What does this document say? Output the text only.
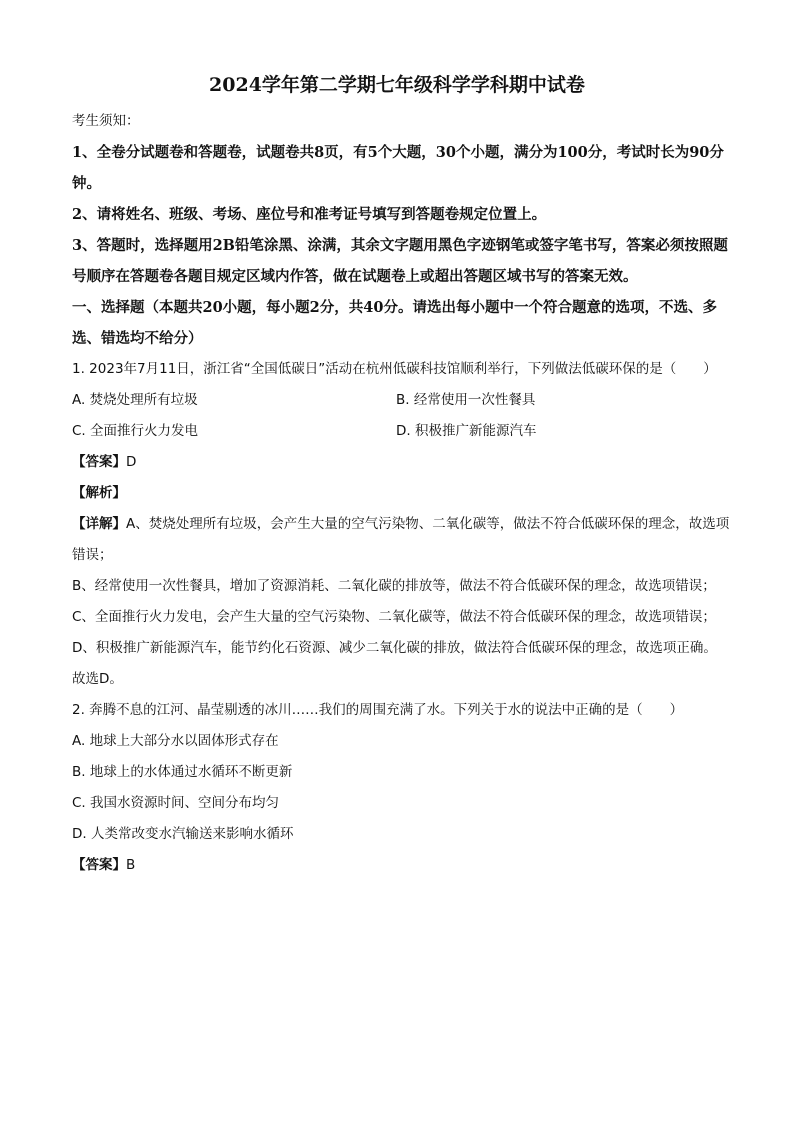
2024学年第二学期七年级科学学科期中试卷

考生须知：

1、全卷分试题卷和答题卷，试题卷共8页，有5个大题，30个小题，满分为100分，考试时长为90分钟。

2、请将姓名、班级、考场、座位号和准考证号填写到答题卷规定位置上。

3、答题时，选择题用2B铅笔涂黑、涂满，其余文字题用黑色字迹钢笔或签字笔书写，答案必须按照题号顺序在答题卷各题目规定区域内作答，做在试题卷上或超出答题区域书写的答案无效。

一、选择题（本题共20小题，每小题2分，共40分。请选出每小题中一个符合题意的选项，不选、多选、错选均不给分）

1. 2023年7月11日，浙江省“全国低碳日”活动在杭州低碳科技馆顺利举行，下列做法低碳环保的是（　　）

A. 焚烧处理所有垃圾	B. 经常使用一次性餐具
C. 全面推行火力发电	D. 积极推广新能源汽车

【答案】D

【解析】

【详解】A、焚烧处理所有垃圾，会产生大量的空气污染物、二氧化碳等，做法不符合低碳环保的理念，故选项错误；

B、经常使用一次性餐具，增加了资源消耗、二氧化碳的排放等，做法不符合低碳环保的理念，故选项错误；

C、全面推行火力发电，会产生大量的空气污染物、二氧化碳等，做法不符合低碳环保的理念，故选项错误；

D、积极推广新能源汽车，能节约化石资源、减少二氧化碳的排放，做法符合低碳环保的理念，故选项正确。

故选D。

2. 奔腾不息的江河、晶莹剔透的冰川……我们的周围充满了水。下列关于水的说法中正确的是（　　）

A. 地球上大部分水以固体形式存在

B. 地球上的水体通过水循环不断更新

C. 我国水资源时间、空间分布均匀

D. 人类常改变水汽输送来影响水循环

【答案】B
